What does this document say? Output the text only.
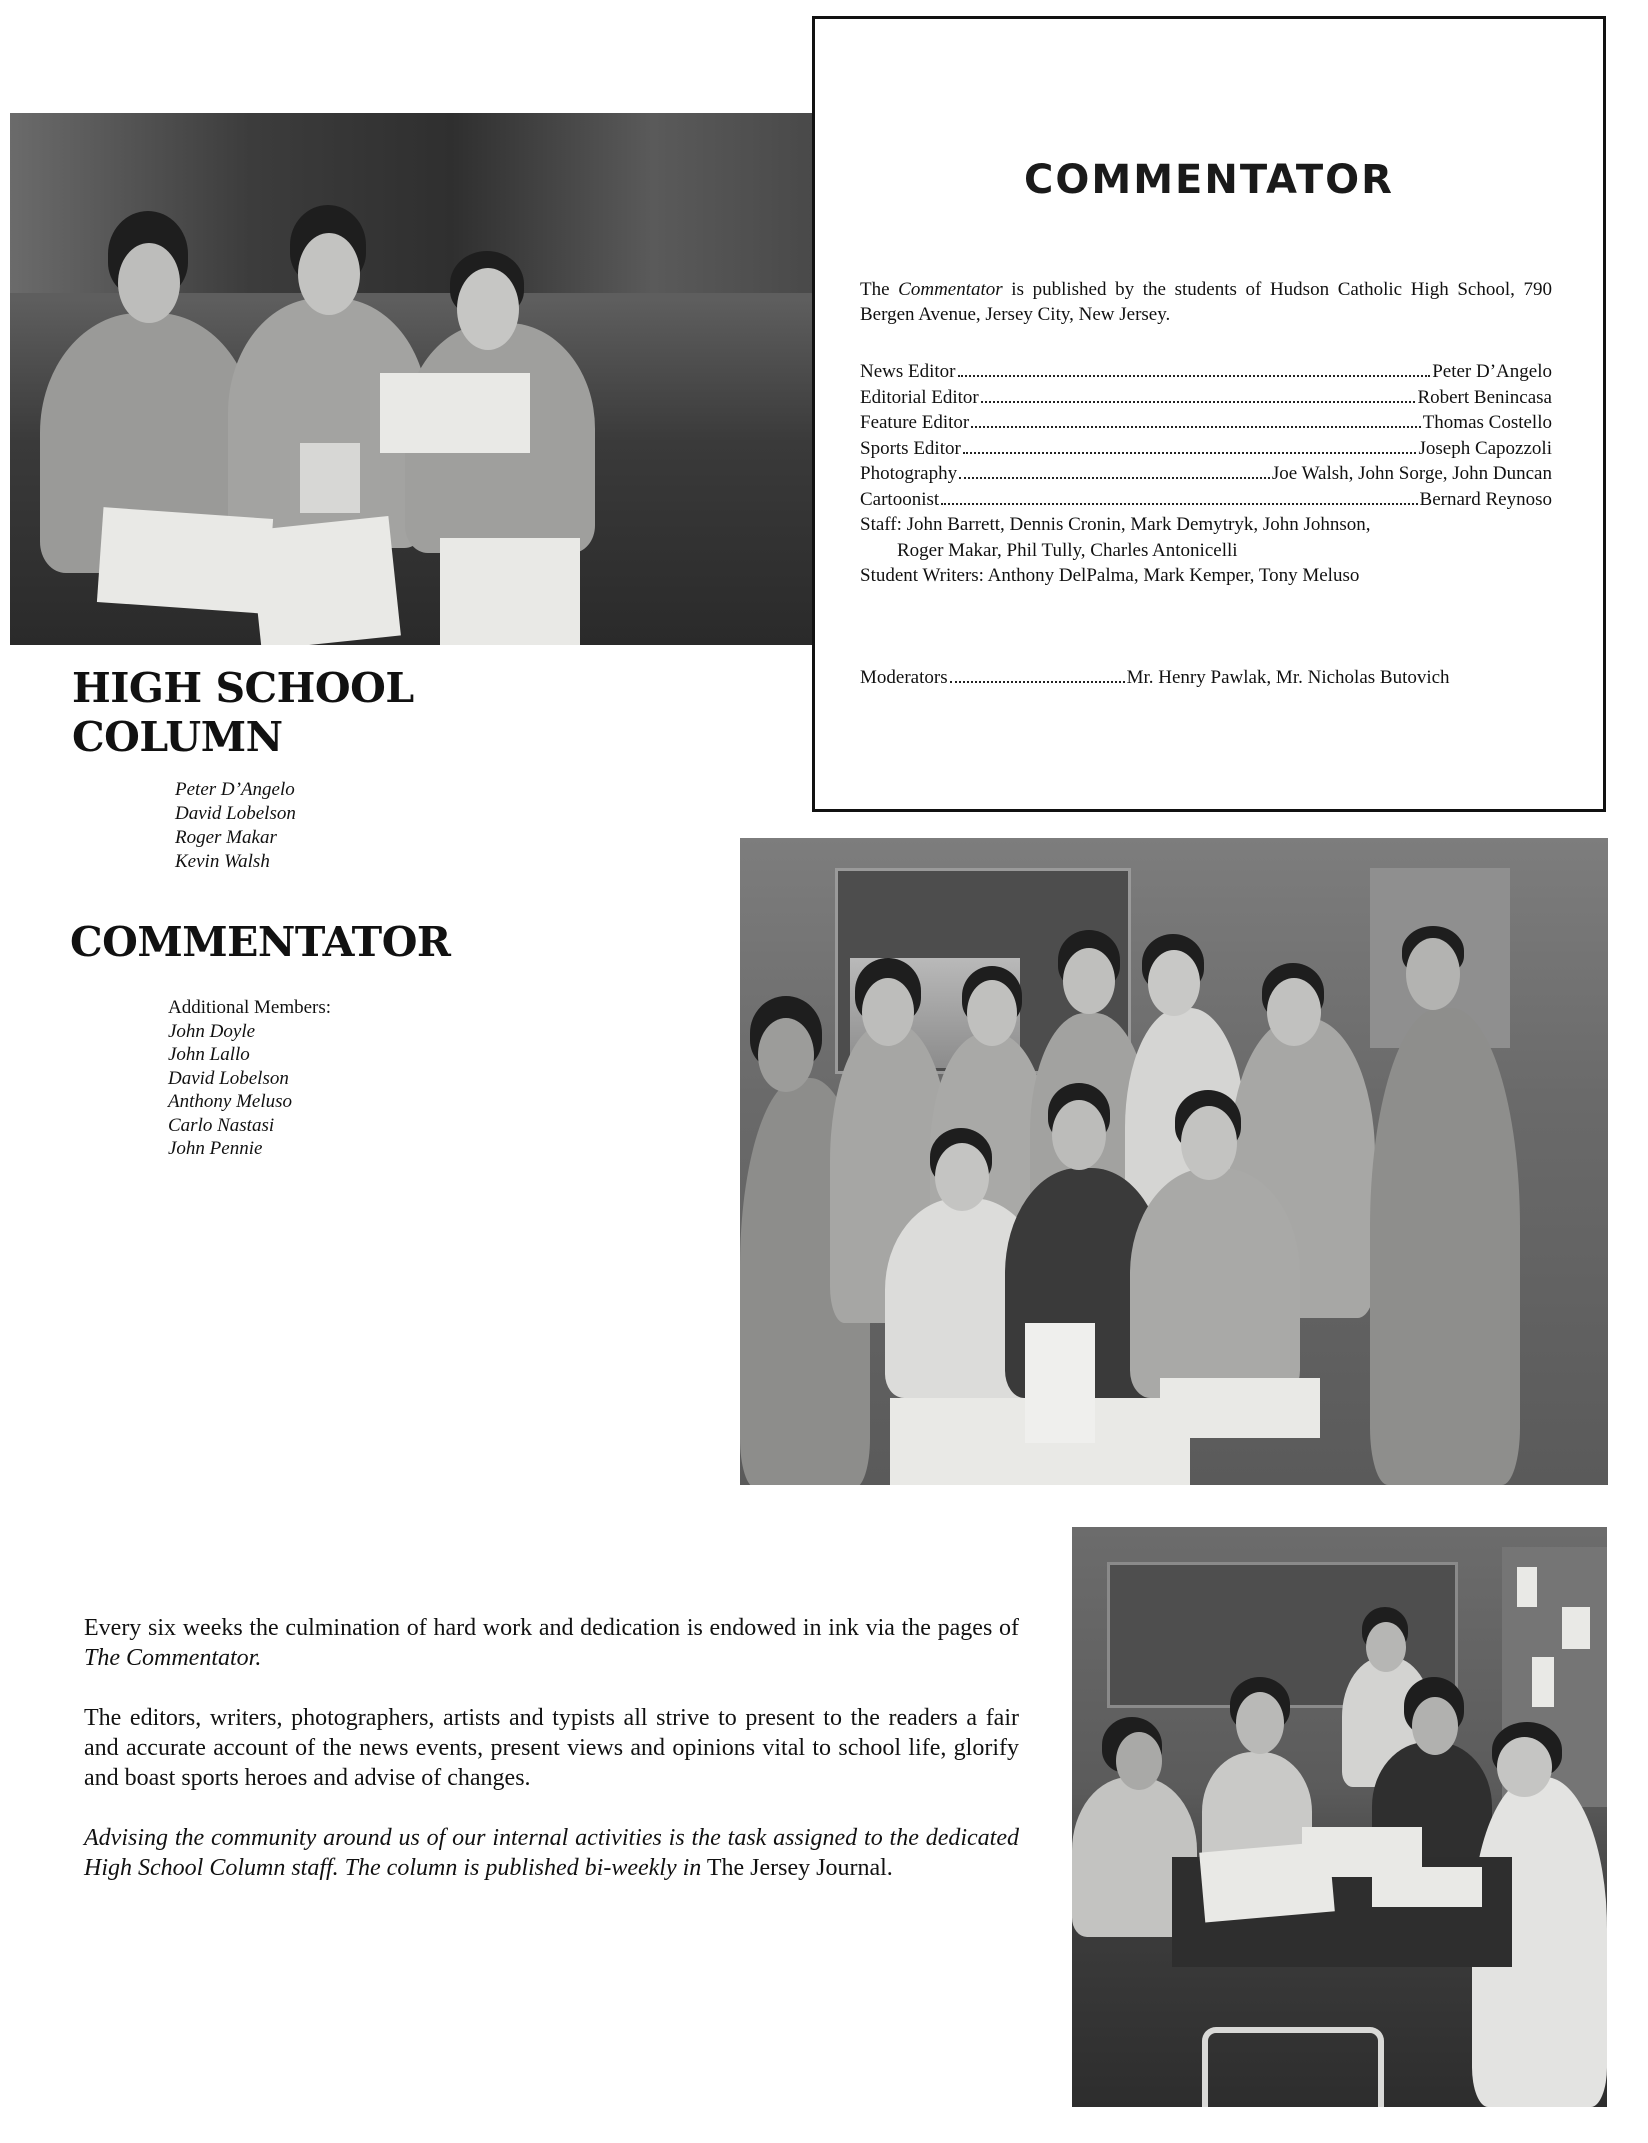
COMMENTATOR
The Commentator is published by the students of Hudson Catholic High School, 790 Bergen Avenue, Jersey City, New Jersey.
News Editor	Peter D’Angelo
Editorial Editor	Robert Benincasa
Feature Editor	Thomas Costello
Sports Editor	Joseph Capozzoli
Photography	Joe Walsh, John Sorge, John Duncan
Cartoonist	Bernard Reynoso
Staff: John Barrett, Dennis Cronin, Mark Demytryk, John Johnson,
Roger Makar, Phil Tully, Charles Antonicelli
Student Writers: Anthony DelPalma, Mark Kemper, Tony Meluso
Moderators	Mr. Henry Pawlak, Mr. Nicholas Butovich
HIGH SCHOOL
COLUMN
Peter D’Angelo
David Lobelson
Roger Makar
Kevin Walsh
COMMENTATOR
Additional Members:
John Doyle
John Lallo
David Lobelson
Anthony Meluso
Carlo Nastasi
John Pennie

Every six weeks the culmination of hard work and dedication is endowed in ink via the pages of The Commentator.

The editors, writers, photographers, artists and typists all strive to present to the readers a fair and accurate account of the news events, present views and opinions vital to school life, glorify and boast sports heroes and advise of changes.

Advising the community around us of our internal activities is the task assigned to the dedicated High School Column staff. The column is published bi-weekly in The Jersey Journal.
